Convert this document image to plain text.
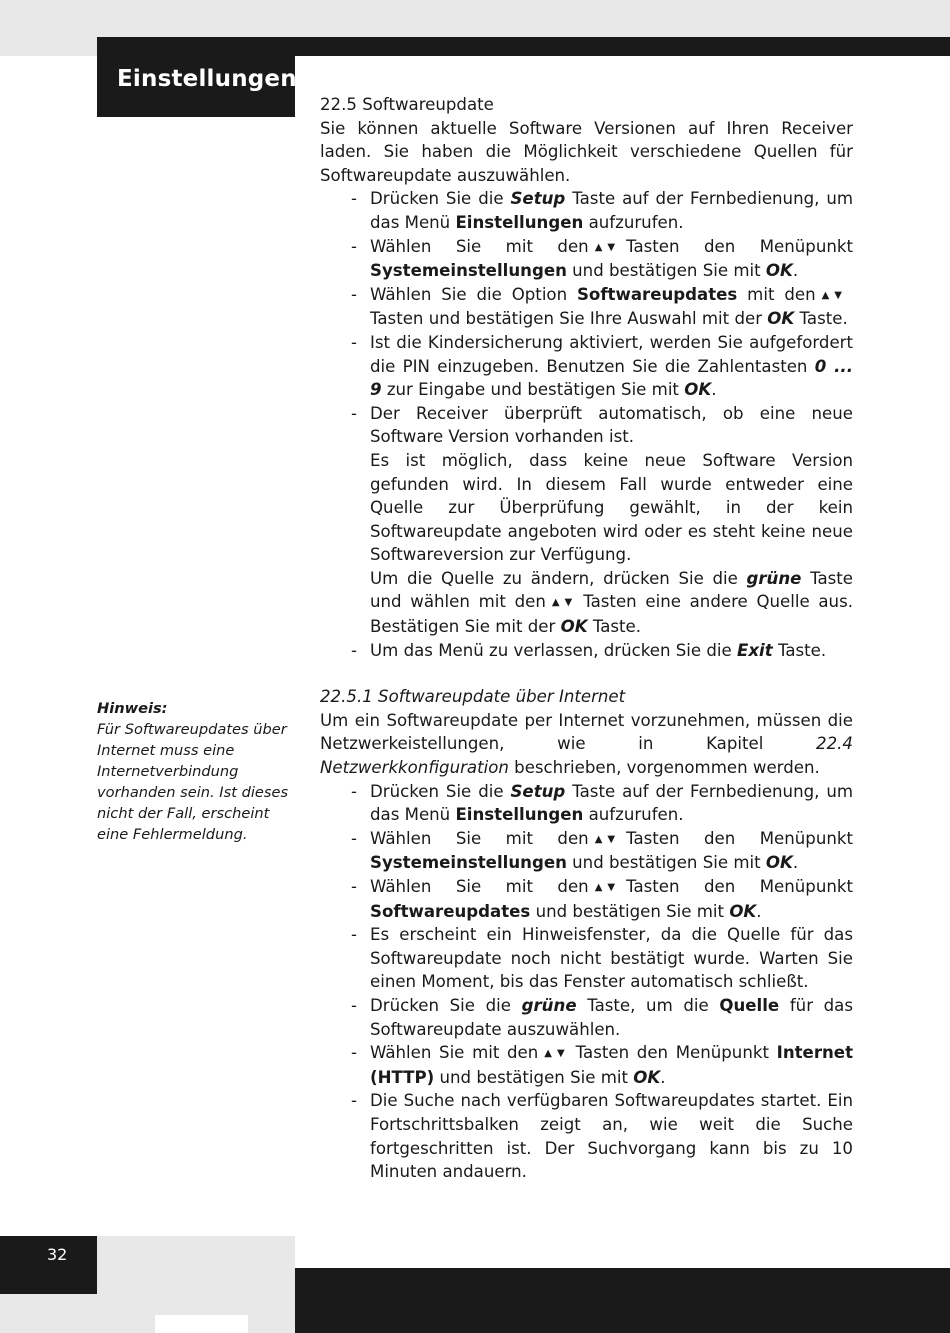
Einstellungen

22.5 Softwareupdate

Sie können aktuelle Software Versionen auf Ihren Receiver laden. Sie haben die Möglichkeit verschiedene Quellen für Softwareupdate auszuwählen.

- Drücken Sie die Setup Taste auf der Fernbedienung, um das Menü Einstellungen aufzurufen.
- Wählen Sie mit den ▲▼ Tasten den Menüpunkt Systemeinstellungen und bestätigen Sie mit OK.
- Wählen Sie die Option Softwareupdates mit den ▲▼Tasten und bestätigen Sie Ihre Auswahl mit der OK Taste.
- Ist die Kindersicherung aktiviert, werden Sie aufgefordert die PIN einzugeben. Benutzen Sie die Zahlentasten 0 ... 9 zur Eingabe und bestätigen Sie mit OK.

- Der Receiver überprüft automatisch, ob eine neue Software Version vorhanden ist.

Es ist möglich, dass keine neue Software Version gefunden wird. In diesem Fall wurde entweder eine Quelle zur Überprüfung gewählt, in der kein Softwareupdate angeboten wird oder es steht keine neue Softwareversion zur Verfügung.

Um die Quelle zu ändern, drücken Sie die grüne Taste und wählen mit den ▲▼ Tasten eine andere Quelle aus. Bestätigen Sie mit der OK Taste.

- Um das Menü zu verlassen, drücken Sie die Exit Taste.

22.5.1 Softwareupdate über Internet

Um ein Softwareupdate per Internet vorzunehmen, müssen die Netzwerkeistellungen, wie in Kapitel 22.4 Netzwerkkonfiguration beschrieben, vorgenommen werden.

- Drücken Sie die Setup Taste auf der Fernbedienung, um das Menü Einstellungen aufzurufen.
- Wählen Sie mit den ▲▼ Tasten den Menüpunkt Systemeinstellungen und bestätigen Sie mit OK.
- Wählen Sie mit den ▲▼ Tasten den Menüpunkt Softwareupdates und bestätigen Sie mit OK.
- Es erscheint ein Hinweisfenster, da die Quelle für das Softwareupdate noch nicht bestätigt wurde. Warten Sie einen Moment, bis das Fenster automatisch schließt.
- Drücken Sie die grüne Taste, um die Quelle für das Softwareupdate auszuwählen.
- Wählen Sie mit den ▲▼ Tasten den Menüpunkt Internet (HTTP) und bestätigen Sie mit OK.
- Die Suche nach verfügbaren Softwareupdates startet. Ein Fortschrittsbalken zeigt an, wie weit die Suche fortgeschritten ist. Der Suchvorgang kann bis zu 10 Minuten andauern.
Hinweis:
Für Softwareupdates über Internet muss eine Internetverbindung vorhanden sein. Ist dieses nicht der Fall, erscheint eine Fehlermeldung.
32
